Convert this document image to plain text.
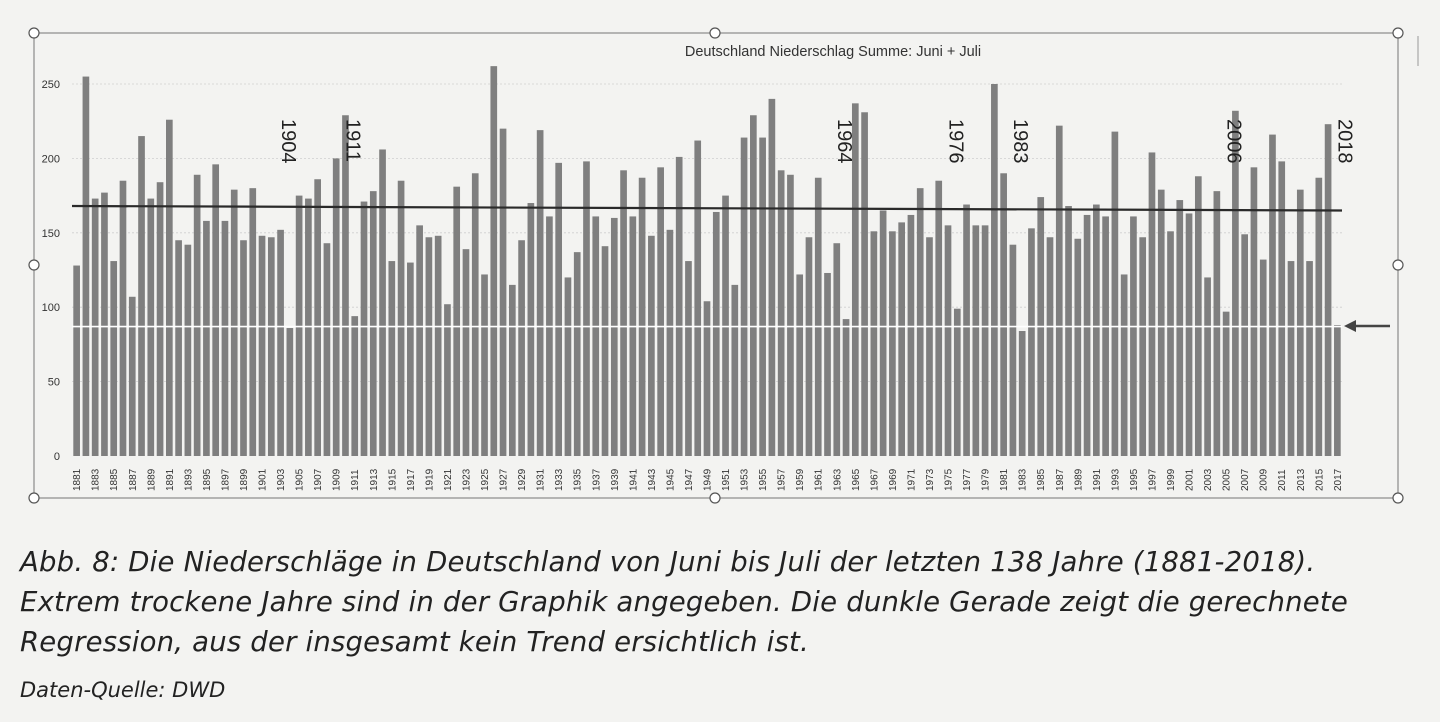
0
50
100
150
200
250
1881 1883 1885 1887 1889 1891 1893 1895 1897 1899 1901 1903 1905 1907 1909 1911 1913 1915 1917 1919 1921 1923 1925 1927 1929 1931 1933 1935 1937 1939 1941 1943 1945 1947 1949 1951 1953 1955 1957 1959 1961 1963 1965 1967 1969 1971 1973 1975 1977 1979 1981 1983 1985 1987 1989 1991 1993 1995 1997 1999 2001 2003 2005 2007 2009 2011 2013 2015 2017
1904 1911	1964	1976 1983	2006	2018
Deutschland Niederschlag Summe: Juni + Juli
Abb. 8: Die Niederschläge in Deutschland von Juni bis Juli der letzten 138 Jahre (1881-2018). Extrem trockene Jahre sind in der Graphik angegeben. Die dunkle Gerade zeigt die gerechnete Regression, aus der insgesamt kein Trend ersichtlich ist.
Daten-Quelle: DWD
